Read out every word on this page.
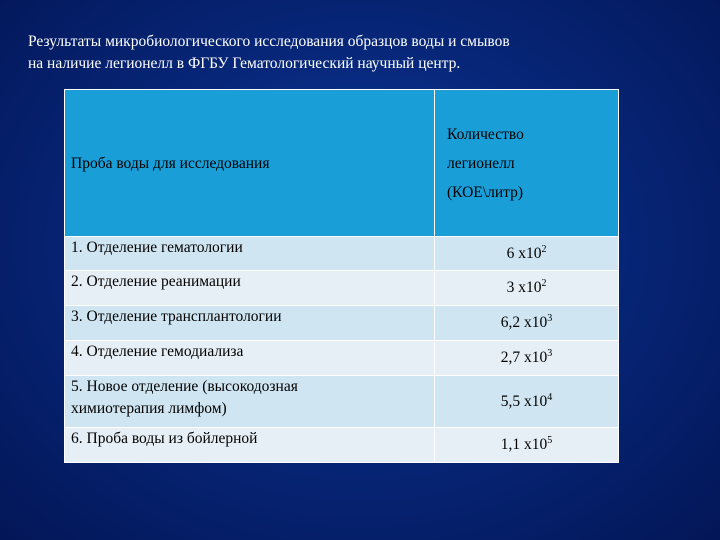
Результаты микробиологического исследования образцов воды и смывов
на наличие легионелл в ФГБУ Гематологический научный центр.
Проба воды для исследования	Количество
легионелл
(КОЕ\литр)

1. Отделение гематологии	6 $х10^2$
2. Отделение реанимации	3 $х10^2$
3. Отделение трансплантологии	6,2 $х10^3$
4. Отделение гемодиализа	2,7 $х10^3$

5. Новое отделение (высокодозная
химиотерапия лимфом)	5,5 $х10^4$
6. Проба воды из бойлерной	1,1 $х10^5$
